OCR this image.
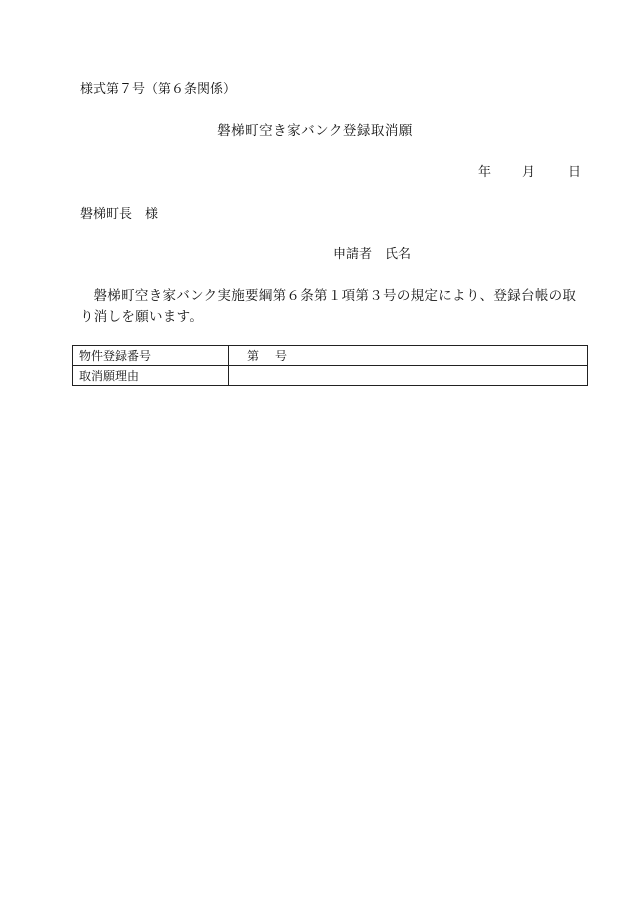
様式第７号（第６条関係）
磐梯町空き家バンク登録取消願
年 月	日
磐梯町長　様
申請者　氏名
磐梯町空き家バンク実施要綱第６条第１項第３号の規定により、登録台帳の取り消しを願います。
物件登録番号	第 号
取消願理由	
